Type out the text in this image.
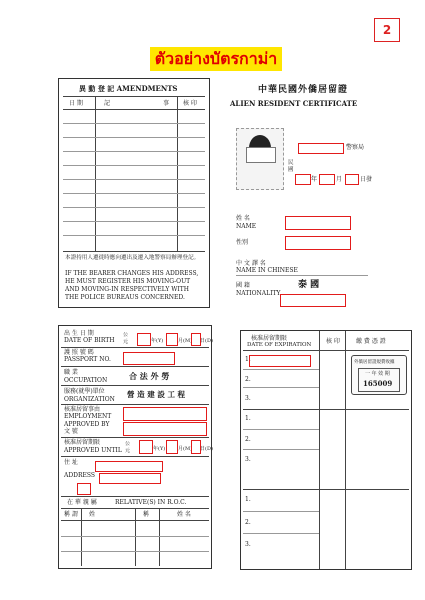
2
ตัวอย่างบัตรกาม่า
異 動 登 記 AMENDMENTS
日 期	記	事 核 印
本證持用人遷徙時應向遷出及遷入地警察局辦理登記。
IF THE BEARER CHANGES HIS ADDRESS,
HE MUST REGISTER HIS MOVING-OUT
AND MOVING-IN RESPECTIVELY WITH
THE POLICE BUREAUS CONCERNED.
中華民國外僑居留證
ALIEN RESIDENT CERTIFICATE
警察局
民國
年	月	日發
姓 名
NAME
性別
中 文 譯 名
NAME IN CHINESE
國 籍
NATIONALITY
泰 國
出 生 日 期
DATE OF BIRTH
公元	年(Y)	月(M) 日(D)
護 照 號 碼
PASSPORT NO.
職 業
OCCUPATION	合 法 外 勞
服務(就學)單位
ORGANIZATION
營 造 建 設 工 程
核准居留事由
EMPLOYMENT
APPROVED BY
文 號
核准居留期限
APPROVED UNTIL
公元	年(Y)	月(M) 日(D)
住 址
ADDRESS
在 華 親 屬	RELATIVE(S) IN R.O.C.
稱 謂 姓	稱	姓 名
核准居留期限
DATE OF EXPIRATION 核 印	繳 費 憑 證
1.
2.
3.
1.
2.
3.
1.
2.
3.
外僑居留證規費收據
一 年 效 期
165009
